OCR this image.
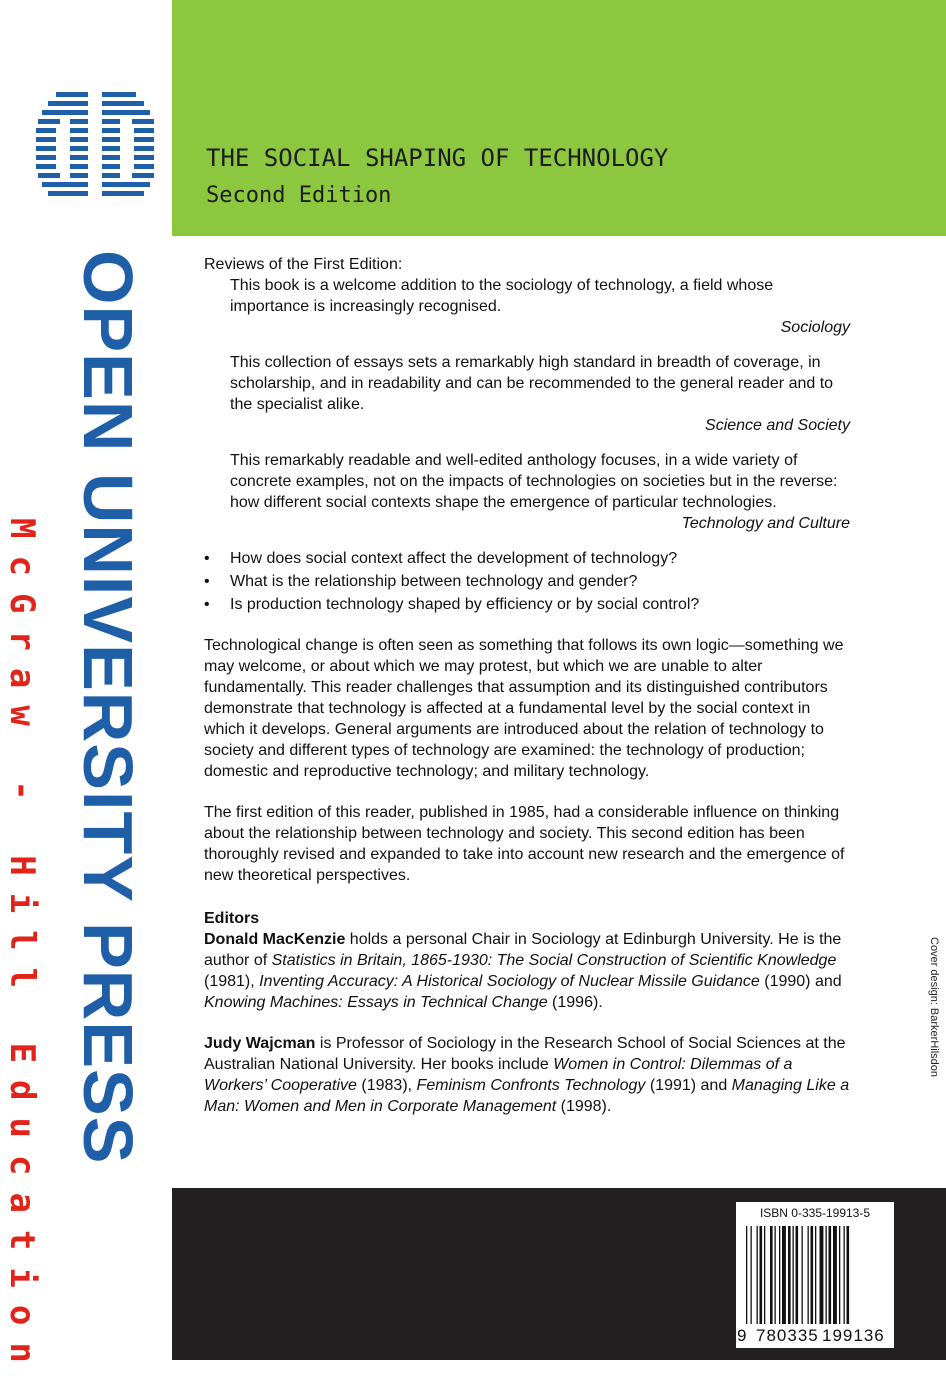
OPEN UNIVERSITY PRESS
McGraw - Hill Education
THE SOCIAL SHAPING OF TECHNOLOGY
Second Edition
Reviews of the First Edition:

This book is a welcome addition to the sociology of technology, a field whose importance is increasingly recognised.

Sociology

This collection of essays sets a remarkably high standard in breadth of coverage, in scholarship, and in readability and can be recommended to the general reader and to the specialist alike.

Science and Society

This remarkably readable and well-edited anthology focuses, in a wide variety of concrete examples, not on the impacts of technologies on societies but in the reverse: how different social contexts shape the emergence of particular technologies.

Technology and Culture
• How does social context affect the development of technology?
• What is the relationship between technology and gender?
• Is production technology shaped by efficiency or by social control?

Technological change is often seen as something that follows its own logic—something we may welcome, or about which we may protest, but which we are unable to alter fundamentally. This reader challenges that assumption and its distinguished contributors demonstrate that technology is affected at a fundamental level by the social context in which it develops. General arguments are introduced about the relation of technology to society and different types of technology are examined: the technology of production; domestic and reproductive technology; and military technology.

The first edition of this reader, published in 1985, had a considerable influence on thinking about the relationship between technology and society. This second edition has been thoroughly revised and expanded to take into account new research and the emergence of new theoretical perspectives.

Editors

Donald MacKenzie holds a personal Chair in Sociology at Edinburgh University. He is the author of Statistics in Britain, 1865-1930: The Social Construction of Scientific Knowledge (1981), Inventing Accuracy: A Historical Sociology of Nuclear Missile Guidance (1990) and Knowing Machines: Essays in Technical Change (1996).

Judy Wajcman is Professor of Sociology in the Research School of Social Sciences at the Australian National University. Her books include Women in Control: Dilemmas of a Workers’ Cooperative (1983), Feminism Confronts Technology (1991) and Managing Like a Man: Women and Men in Corporate Management (1998).

Cover design: BarkerHilsdon
ISBN 0-335-19913-5
9 780335 199136
